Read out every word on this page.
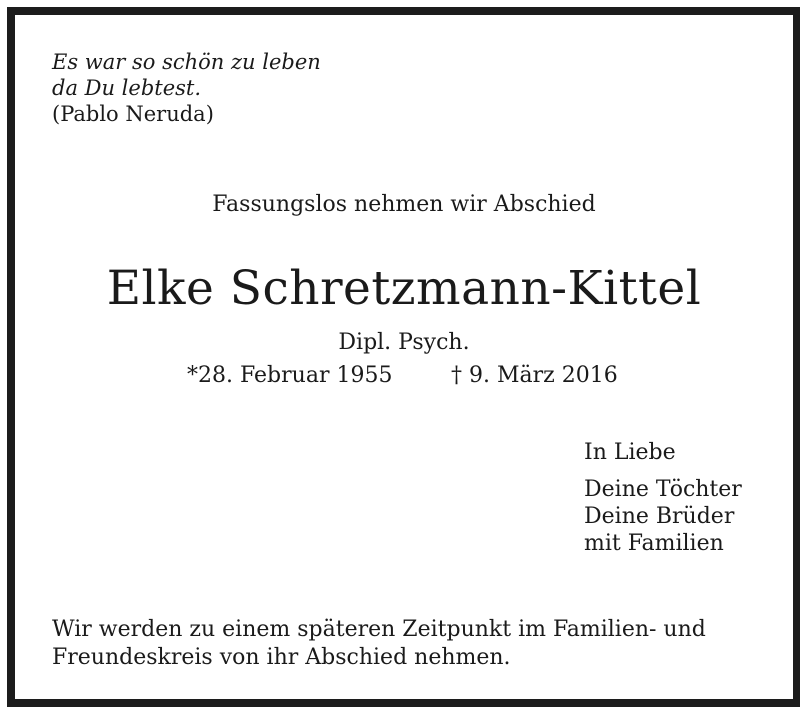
Es war so schön zu leben
da Du lebtest.
(Pablo Neruda)
Fassungslos nehmen wir Abschied
Elke Schretzmann-Kittel
Dipl. Psych.
*28. Februar 1955	† 9. März 2016
In Liebe
Deine Töchter
Deine Brüder
mit Familien
Wir werden zu einem späteren Zeitpunkt im Familien- und
Freundeskreis von ihr Abschied nehmen.
